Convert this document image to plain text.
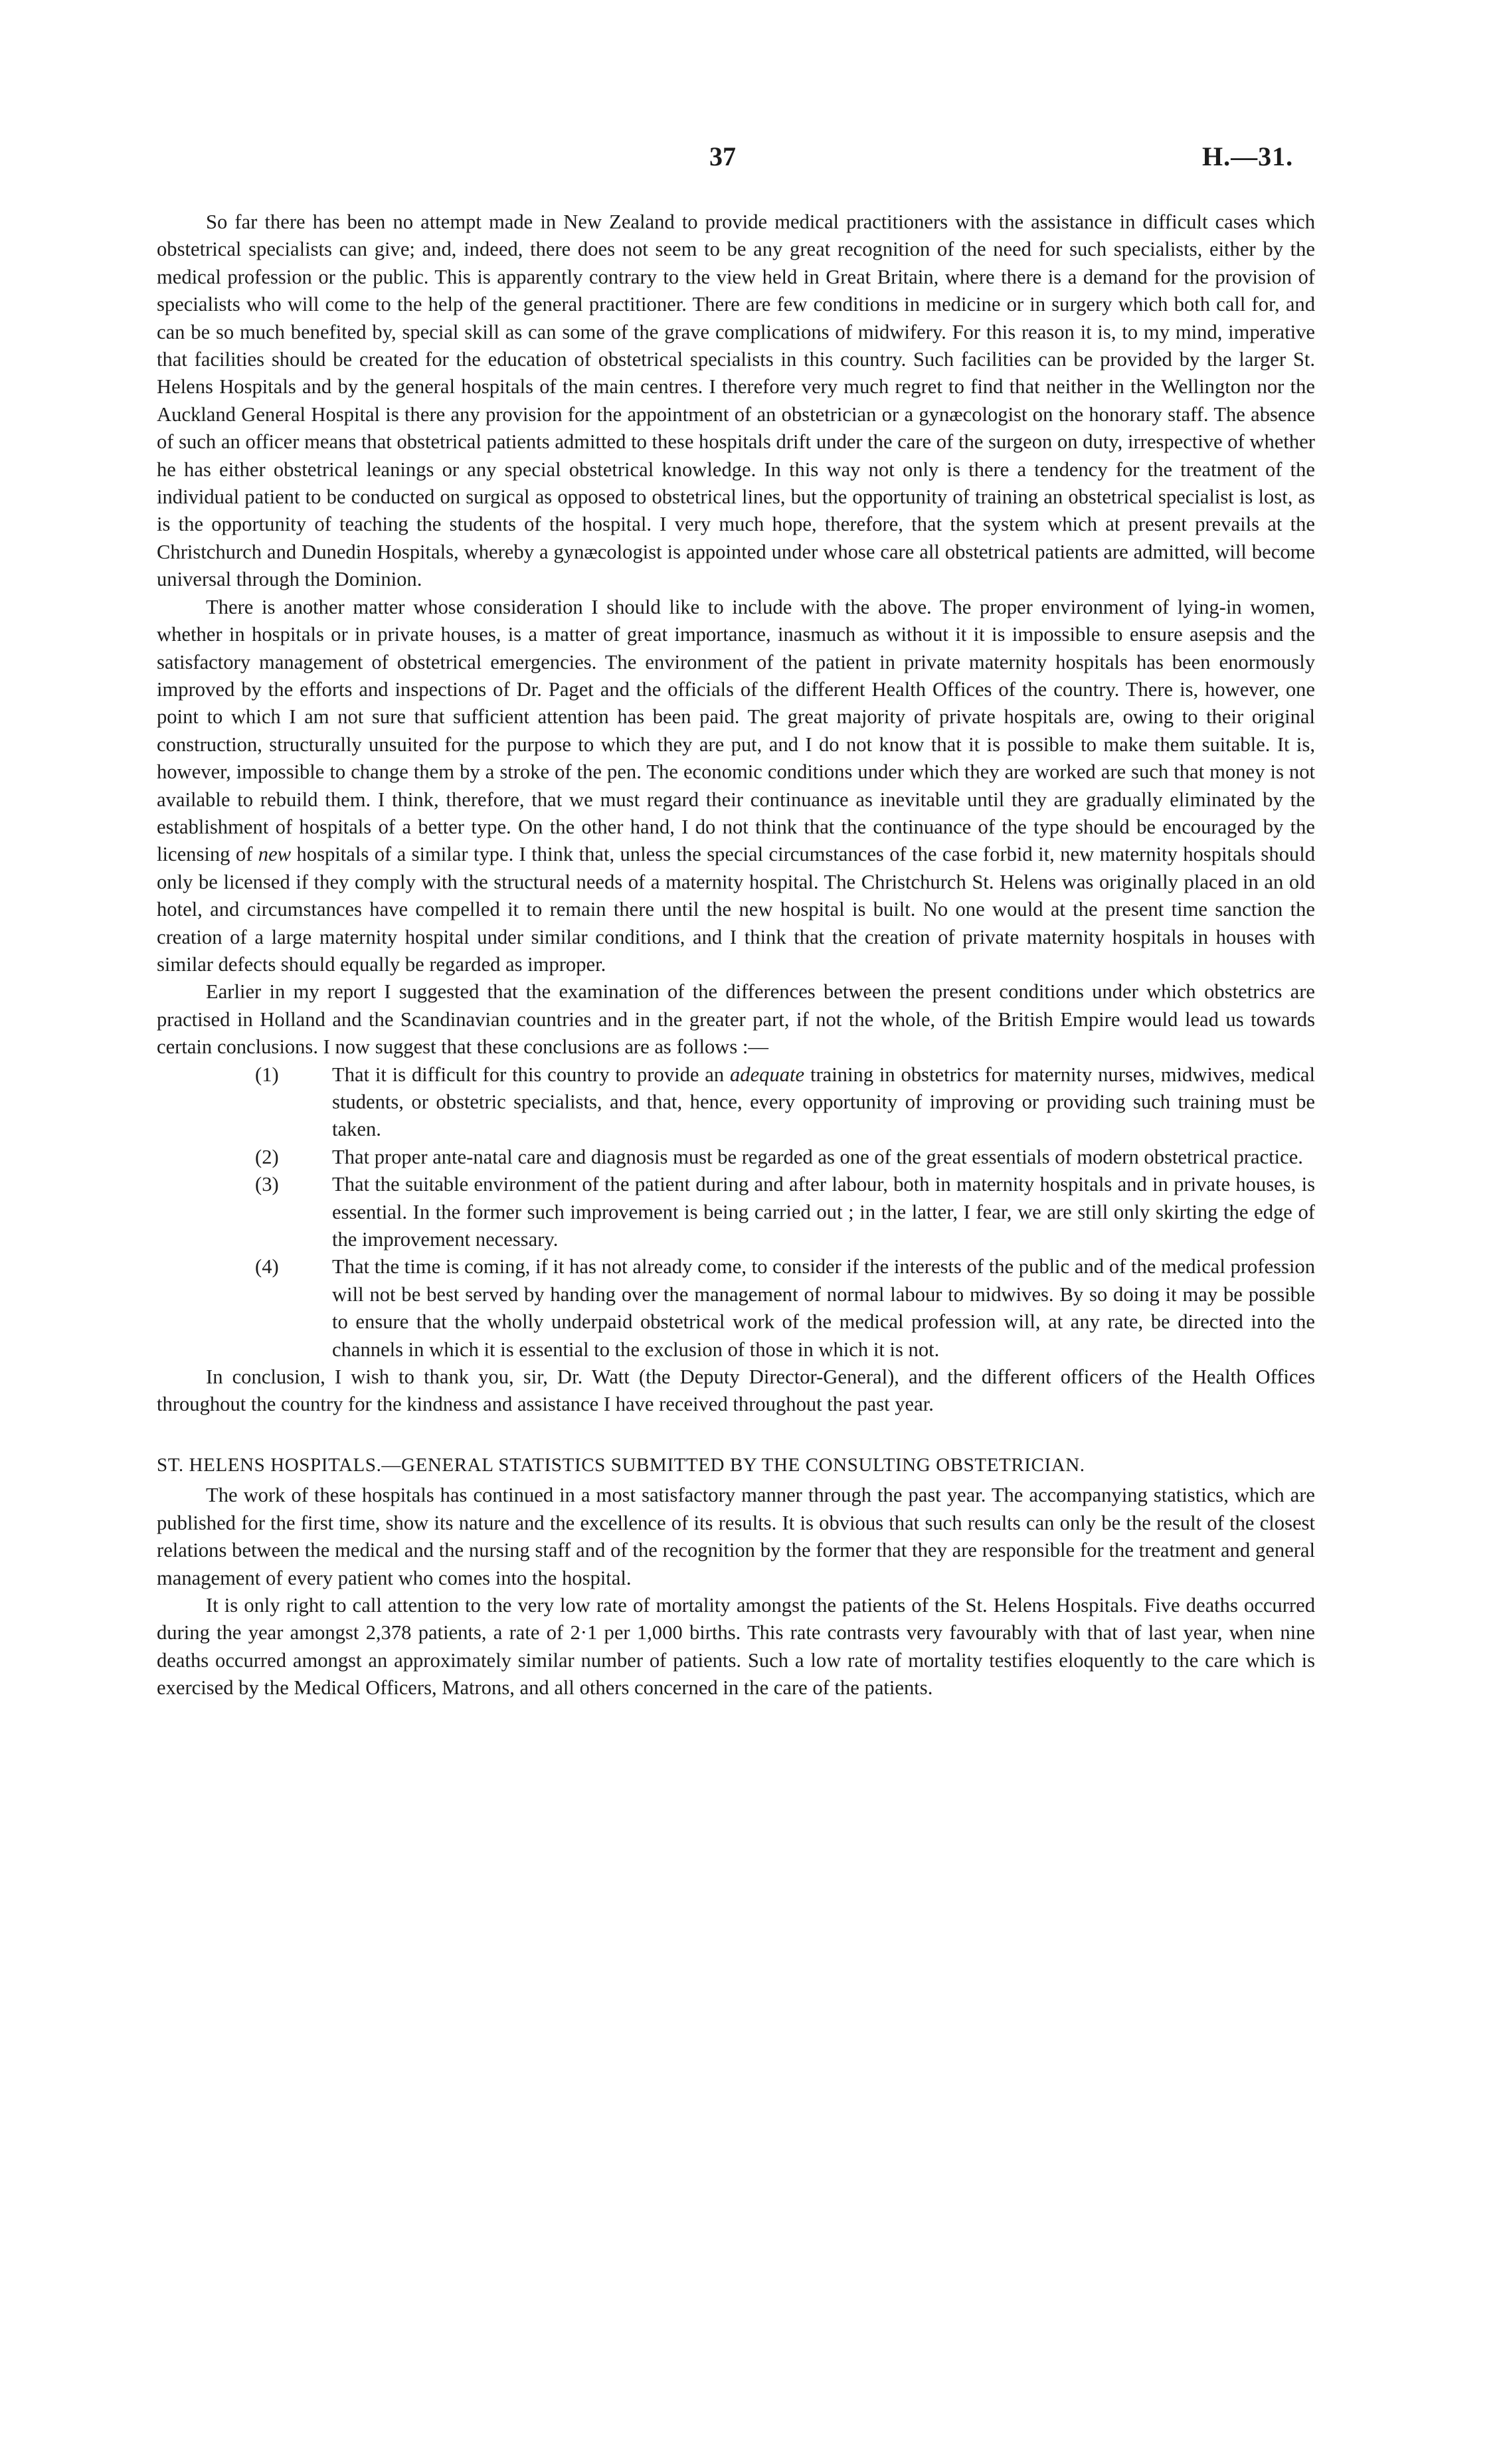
37	H.—31.

So far there has been no attempt made in New Zealand to provide medical practitioners with the assistance in difficult cases which obstetrical specialists can give; and, indeed, there does not seem to be any great recognition of the need for such specialists, either by the medical profession or the public. This is apparently contrary to the view held in Great Britain, where there is a demand for the provision of specialists who will come to the help of the general practitioner. There are few conditions in medicine or in surgery which both call for, and can be so much benefited by, special skill as can some of the grave complications of midwifery. For this reason it is, to my mind, imperative that facilities should be created for the education of obstetrical specialists in this country. Such facilities can be provided by the larger St. Helens Hospitals and by the general hospitals of the main centres. I therefore very much regret to find that neither in the Wellington nor the Auckland General Hospital is there any provision for the appointment of an obstetrician or a gynæcologist on the honorary staff. The absence of such an officer means that obstetrical patients admitted to these hospitals drift under the care of the surgeon on duty, irrespective of whether he has either obstetrical leanings or any special obstetrical knowledge. In this way not only is there a tendency for the treatment of the individual patient to be conducted on surgical as opposed to obstetrical lines, but the opportunity of training an obstetrical specialist is lost, as is the opportunity of teaching the students of the hospital. I very much hope, therefore, that the system which at present prevails at the Christchurch and Dunedin Hospitals, whereby a gynæcologist is appointed under whose care all obstetrical patients are admitted, will become universal through the Dominion.

There is another matter whose consideration I should like to include with the above. The proper environment of lying-in women, whether in hospitals or in private houses, is a matter of great importance, inasmuch as without it it is impossible to ensure asepsis and the satisfactory management of obstetrical emergencies. The environment of the patient in private maternity hospitals has been enormously improved by the efforts and inspections of Dr. Paget and the officials of the different Health Offices of the country. There is, however, one point to which I am not sure that sufficient attention has been paid. The great majority of private hospitals are, owing to their original construction, structurally unsuited for the purpose to which they are put, and I do not know that it is possible to make them suitable. It is, however, impossible to change them by a stroke of the pen. The economic conditions under which they are worked are such that money is not available to rebuild them. I think, therefore, that we must regard their continuance as inevitable until they are gradually eliminated by the establishment of hospitals of a better type. On the other hand, I do not think that the continuance of the type should be encouraged by the licensing of new hospitals of a similar type. I think that, unless the special circumstances of the case forbid it, new maternity hospitals should only be licensed if they comply with the structural needs of a maternity hospital. The Christchurch St. Helens was originally placed in an old hotel, and circumstances have compelled it to remain there until the new hospital is built. No one would at the present time sanction the creation of a large maternity hospital under similar conditions, and I think that the creation of private maternity hospitals in houses with similar defects should equally be regarded as improper.

Earlier in my report I suggested that the examination of the differences between the present conditions under which obstetrics are practised in Holland and the Scandinavian countries and in the greater part, if not the whole, of the British Empire would lead us towards certain conclusions. I now suggest that these conclusions are as follows :—

(1)	That it is difficult for this country to provide an adequate training in obstetrics for maternity nurses, midwives, medical students, or obstetric specialists, and that, hence, every opportunity of improving or providing such training must be taken.
(2)	That proper ante-natal care and diagnosis must be regarded as one of the great essentials of modern obstetrical practice.
(3)	That the suitable environment of the patient during and after labour, both in maternity hospitals and in private houses, is essential. In the former such improvement is being carried out ; in the latter, I fear, we are still only skirting the edge of the improvement necessary.
(4)	That the time is coming, if it has not already come, to consider if the interests of the public and of the medical profession will not be best served by handing over the management of normal labour to midwives. By so doing it may be possible to ensure that the wholly underpaid obstetrical work of the medical profession will, at any rate, be directed into the channels in which it is essential to the exclusion of those in which it is not.

In conclusion, I wish to thank you, sir, Dr. Watt (the Deputy Director-General), and the different officers of the Health Offices throughout the country for the kindness and assistance I have received throughout the past year.

ST. HELENS HOSPITALS.—GENERAL STATISTICS SUBMITTED BY THE CONSULTING OBSTETRICIAN.

The work of these hospitals has continued in a most satisfactory manner through the past year. The accompanying statistics, which are published for the first time, show its nature and the excellence of its results. It is obvious that such results can only be the result of the closest relations between the medical and the nursing staff and of the recognition by the former that they are responsible for the treatment and general management of every patient who comes into the hospital.

It is only right to call attention to the very low rate of mortality amongst the patients of the St. Helens Hospitals. Five deaths occurred during the year amongst 2,378 patients, a rate of 2·1 per 1,000 births. This rate contrasts very favourably with that of last year, when nine deaths occurred amongst an approximately similar number of patients. Such a low rate of mortality testifies eloquently to the care which is exercised by the Medical Officers, Matrons, and all others concerned in the care of the patients.
